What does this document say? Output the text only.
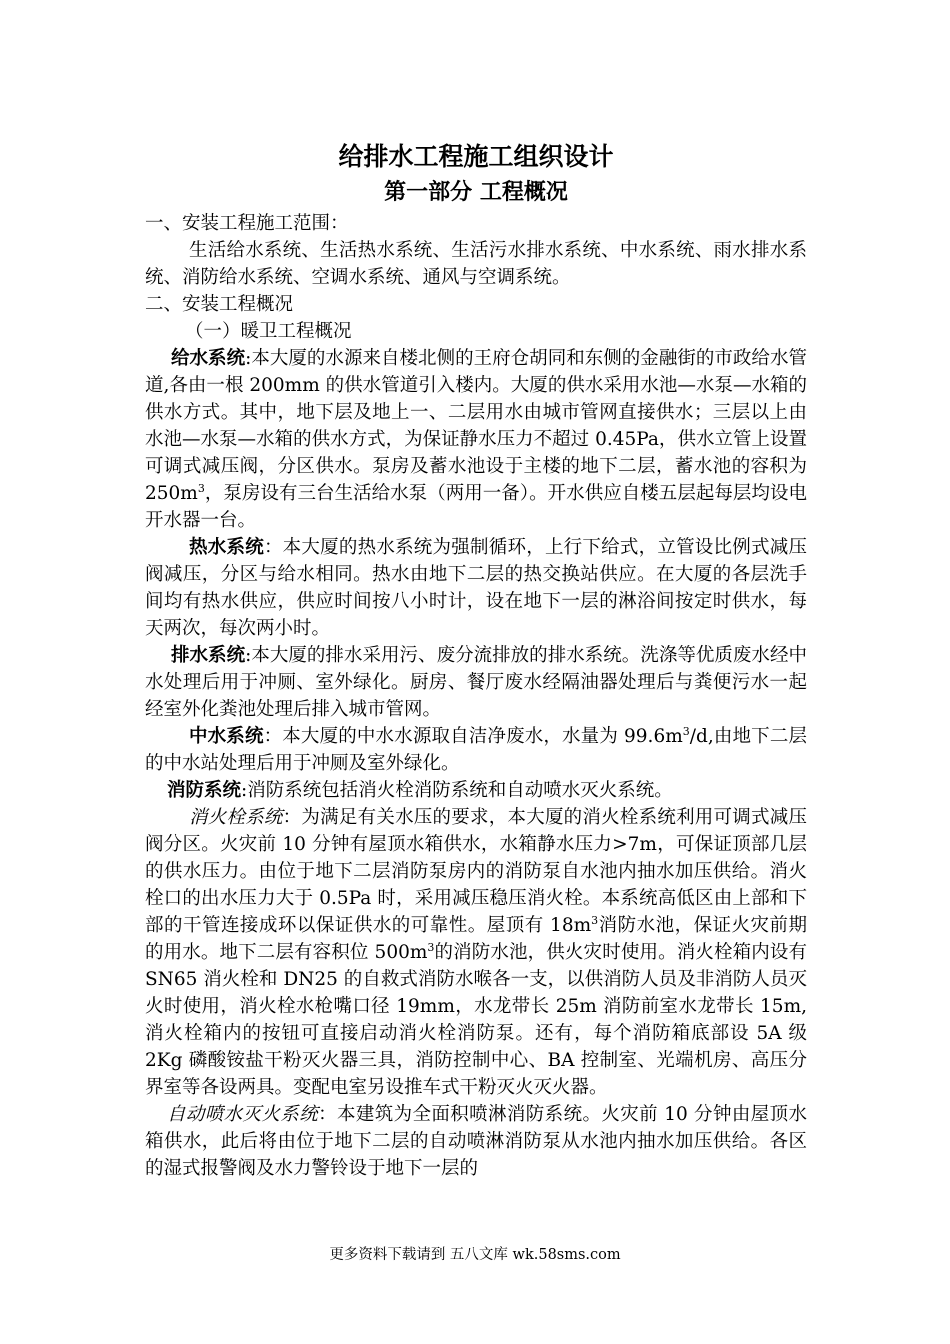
给排水工程施工组织设计
第一部分 工程概况

一、安装工程施工范围：

生活给水系统、生活热水系统、生活污水排水系统、中水系统、雨水排水系统、消防给水系统、空调水系统、通风与空调系统。

二、安装工程概况

（一）暖卫工程概况

给水系统:本大厦的水源来自楼北侧的王府仓胡同和东侧的金融街的市政给水管道,各由一根 200mm 的供水管道引入楼内。大厦的供水采用水池—水泵—水箱的供水方式。其中，地下层及地上一、二层用水由城市管网直接供水；三层以上由水池—水泵—水箱的供水方式，为保证静水压力不超过 0.45Pa，供水立管上设置可调式减压阀，分区供水。泵房及蓄水池设于主楼的地下二层，蓄水池的容积为 $250m^3$，泵房设有三台生活给水泵（两用一备）。开水供应自楼五层起每层均设电开水器一台。

热水系统：本大厦的热水系统为强制循环，上行下给式，立管设比例式减压阀减压，分区与给水相同。热水由地下二层的热交换站供应。在大厦的各层洗手间均有热水供应，供应时间按八小时计，设在地下一层的淋浴间按定时供水，每天两次，每次两小时。

排水系统:本大厦的排水采用污、废分流排放的排水系统。洗涤等优质废水经中水处理后用于冲厕、室外绿化。厨房、餐厅废水经隔油器处理后与粪便污水一起经室外化粪池处理后排入城市管网。

中水系统：本大厦的中水水源取自洁净废水，水量为 $99.6m^3/d$,由地下二层的中水站处理后用于冲厕及室外绿化。

消防系统:消防系统包括消火栓消防系统和自动喷水灭火系统。

消火栓系统：为满足有关水压的要求，本大厦的消火栓系统利用可调式减压阀分区。火灾前 10 分钟有屋顶水箱供水，水箱静水压力>7m，可保证顶部几层的供水压力。由位于地下二层消防泵房内的消防泵自水池内抽水加压供给。消火栓口的出水压力大于 0.5Pa 时，采用减压稳压消火栓。本系统高低区由上部和下部的干管连接成环以保证供水的可靠性。屋顶有 $18m^3$消防水池，保证火灾前期的用水。地下二层有容积位 $500m^3$的消防水池，供火灾时使用。消火栓箱内设有 SN65 消火栓和 DN25 的自救式消防水喉各一支，以供消防人员及非消防人员灭火时使用，消火栓水枪嘴口径 19mm，水龙带长 25m 消防前室水龙带长 15m,消火栓箱内的按钮可直接启动消火栓消防泵。还有，每个消防箱底部设 5A 级 2Kg 磷酸铵盐干粉灭火器三具，消防控制中心、BA 控制室、光端机房、高压分界室等各设两具。变配电室另设推车式干粉灭火灭火器。

自动喷水灭火系统：本建筑为全面积喷淋消防系统。火灾前 10 分钟由屋顶水箱供水，此后将由位于地下二层的自动喷淋消防泵从水池内抽水加压供给。各区的湿式报警阀及水力警铃设于地下一层的

更多资料下载请到 五八文库 wk.58sms.com
